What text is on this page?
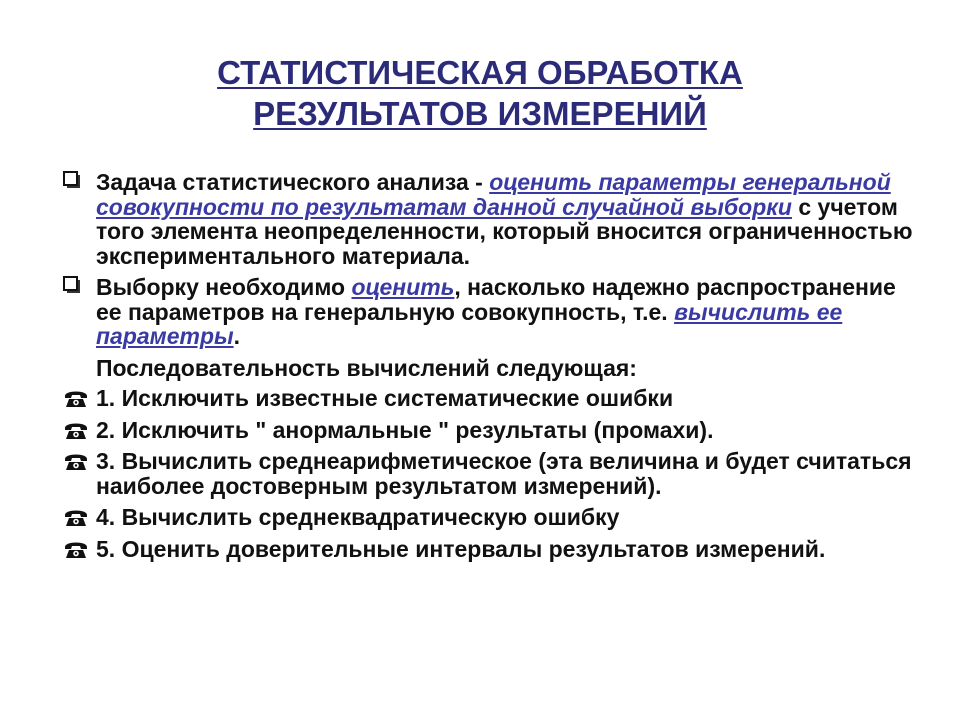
СТАТИСТИЧЕСКАЯ ОБРАБОТКА
РЕЗУЛЬТАТОВ ИЗМЕРЕНИЙ
Задача статистического анализа - оценить параметры генеральной совокупности по результатам данной случайной выборки с учетом того элемента неопределенности, который вносится ограниченностью экспериментального материала.
Выборку необходимо оценить, насколько надежно распространение ее параметров на генеральную совокупность, т.е. вычислить ее параметры.
Последовательность вычислений следующая:
1. Исключить известные систематические ошибки
2. Исключить " анормальные " результаты (промахи).
3. Вычислить среднеарифметическое (эта величина и будет считаться наиболее достоверным результатом измерений).
4. Вычислить среднеквадратическую ошибку
5. Оценить доверительные интервалы результатов измерений.
